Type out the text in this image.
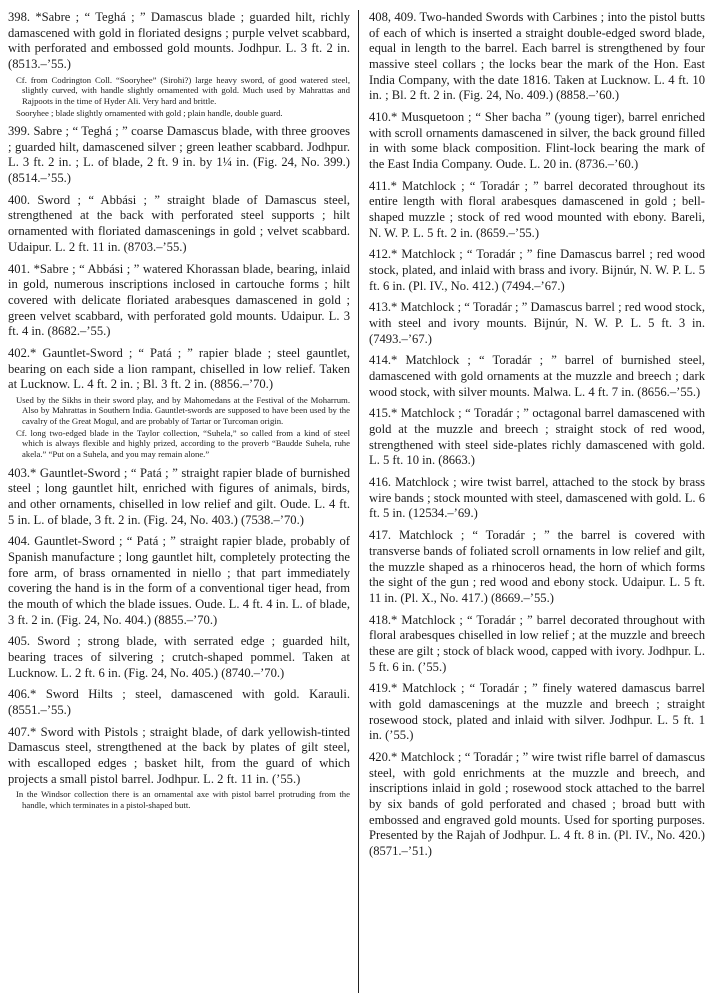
398. *Sabre ; “ Teghá ; ” Damascus blade ; guarded hilt, richly damascened with gold in floriated designs ; purple velvet scabbard, with perforated and embossed gold mounts. Jodhpur. L. 3 ft. 2 in. (8513.–’55.)

Cf. from Codrington Coll. “Sooryhee” (Sirohi?) large heavy sword, of good watered steel, slightly curved, with handle slightly ornamented with gold. Much used by Mahrattas and Rajpoots in the time of Hyder Ali. Very hard and brittle.

Sooryhee ; blade slightly ornamented with gold ; plain handle, double guard.

399. Sabre ; “ Teghá ; ” coarse Damascus blade, with three grooves ; guarded hilt, damascened silver ; green leather scabbard. Jodhpur. L. 3 ft. 2 in. ; L. of blade, 2 ft. 9 in. by 1¼ in. (Fig. 24, No. 399.) (8514.–’55.)

400. Sword ; “ Abbási ; ” straight blade of Damascus steel, strengthened at the back with perforated steel supports ; hilt ornamented with floriated damascenings in gold ; velvet scabbard. Udaipur. L. 2 ft. 11 in. (8703.–’55.)

401. *Sabre ; “ Abbási ; ” watered Khorassan blade, bearing, inlaid in gold, numerous inscriptions inclosed in cartouche forms ; hilt covered with delicate floriated arabesques damascened in gold ; green velvet scabbard, with perforated gold mounts. Udaipur. L. 3 ft. 4 in. (8682.–’55.)

402.* Gauntlet-Sword ; “ Patá ; ” rapier blade ; steel gauntlet, bearing on each side a lion rampant, chiselled in low relief. Taken at Lucknow. L. 4 ft. 2 in. ; Bl. 3 ft. 2 in. (8856.–’70.)

Used by the Sikhs in their sword play, and by Mahomedans at the Festival of the Moharrum. Also by Mahrattas in Southern India. Gauntlet-swords are supposed to have been used by the cavalry of the Great Mogul, and are probably of Tartar or Turcoman origin.

Cf. long two-edged blade in the Taylor collection, “Suhela,” so called from a kind of steel which is always flexible and highly prized, according to the proverb “Baudde Suhela, ruhe akela.” “Put on a Suhela, and you may remain alone.”

403.* Gauntlet-Sword ; “ Patá ; ” straight rapier blade of burnished steel ; long gauntlet hilt, enriched with figures of animals, birds, and other ornaments, chiselled in low relief and gilt. Oude. L. 4 ft. 5 in. L. of blade, 3 ft. 2 in. (Fig. 24, No. 403.) (7538.–’70.)

404. Gauntlet-Sword ; “ Patá ; ” straight rapier blade, probably of Spanish manufacture ; long gauntlet hilt, completely protecting the fore arm, of brass ornamented in niello ; that part immediately covering the hand is in the form of a conventional tiger head, from the mouth of which the blade issues. Oude. L. 4 ft. 4 in. L. of blade, 3 ft. 2 in. (Fig. 24, No. 404.) (8855.–’70.)

405. Sword ; strong blade, with serrated edge ; guarded hilt, bearing traces of silvering ; crutch-shaped pommel. Taken at Lucknow. L. 2 ft. 6 in. (Fig. 24, No. 405.) (8740.–’70.)

406.* Sword Hilts ; steel, damascened with gold. Karauli. (8551.–’55.)

407.* Sword with Pistols ; straight blade, of dark yellowish-tinted Damascus steel, strengthened at the back by plates of gilt steel, with escalloped edges ; basket hilt, from the guard of which projects a small pistol barrel. Jodhpur. L. 2 ft. 11 in. (’55.)

In the Windsor collection there is an ornamental axe with pistol barrel protruding from the handle, which terminates in a pistol-shaped butt.

408, 409. Two-handed Swords with Carbines ; into the pistol butts of each of which is inserted a straight double-edged sword blade, equal in length to the barrel. Each barrel is strengthened by four massive steel collars ; the locks bear the mark of the Hon. East India Company, with the date 1816. Taken at Lucknow. L. 4 ft. 10 in. ; Bl. 2 ft. 2 in. (Fig. 24, No. 409.) (8858.–’60.)

410.* Musquetoon ; “ Sher bacha ” (young tiger), barrel enriched with scroll ornaments damascened in silver, the back ground filled in with some black composition. Flint-lock bearing the mark of the East India Company. Oude. L. 20 in. (8736.–’60.)

411.* Matchlock ; “ Toradár ; ” barrel decorated throughout its entire length with floral arabesques damascened in gold ; bell-shaped muzzle ; stock of red wood mounted with ebony. Bareli, N. W. P. L. 5 ft. 2 in. (8659.–’55.)

412.* Matchlock ; “ Toradár ; ” fine Damascus barrel ; red wood stock, plated, and inlaid with brass and ivory. Bijnúr, N. W. P. L. 5 ft. 6 in. (Pl. IV., No. 412.) (7494.–’67.)

413.* Matchlock ; “ Toradár ; ” Damascus barrel ; red wood stock, with steel and ivory mounts. Bijnúr, N. W. P. L. 5 ft. 3 in. (7493.–’67.)

414.* Matchlock ; “ Toradár ; ” barrel of burnished steel, damascened with gold ornaments at the muzzle and breech ; dark wood stock, with silver mounts. Malwa. L. 4 ft. 7 in. (8656.–’55.)

415.* Matchlock ; “ Toradár ; ” octagonal barrel damascened with gold at the muzzle and breech ; straight stock of red wood, strengthened with steel side-plates richly damascened with gold. L. 5 ft. 10 in. (8663.)

416. Matchlock ; wire twist barrel, attached to the stock by brass wire bands ; stock mounted with steel, damascened with gold. L. 6 ft. 5 in. (12534.–’69.)

417. Matchlock ; “ Toradár ; ” the barrel is covered with transverse bands of foliated scroll ornaments in low relief and gilt, the muzzle shaped as a rhinoceros head, the horn of which forms the sight of the gun ; red wood and ebony stock. Udaipur. L. 5 ft. 11 in. (Pl. X., No. 417.) (8669.–’55.)

418.* Matchlock ; “ Toradár ; ” barrel decorated throughout with floral arabesques chiselled in low relief ; at the muzzle and breech these are gilt ; stock of black wood, capped with ivory. Jodhpur. L. 5 ft. 6 in. (’55.)

419.* Matchlock ; “ Toradár ; ” finely watered damascus barrel with gold damascenings at the muzzle and breech ; straight rosewood stock, plated and inlaid with silver. Jodhpur. L. 5 ft. 1 in. (’55.)

420.* Matchlock ; “ Toradár ; ” wire twist rifle barrel of damascus steel, with gold enrichments at the muzzle and breech, and inscriptions inlaid in gold ; rosewood stock attached to the barrel by six bands of gold perforated and chased ; broad butt with embossed and engraved gold mounts. Used for sporting purposes. Presented by the Rajah of Jodhpur. L. 4 ft. 8 in. (Pl. IV., No. 420.) (8571.–’51.)
